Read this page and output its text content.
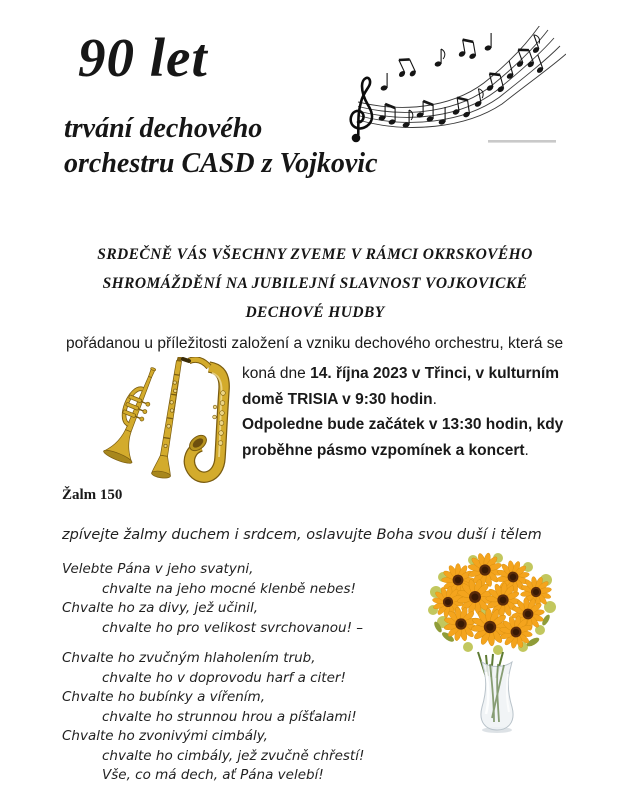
90 let
trvání dechového
orchestru CASD z Vojkovic
SRDEČNĚ VÁS VŠECHNY ZVEME V RÁMCI OKRSKOVÉHO
SHROMÁŽDĚNÍ NA JUBILEJNÍ SLAVNOST VOJKOVICKÉ
DECHOVÉ HUDBY
pořádanou u příležitosti založení a vzniku dechového orchestru, která se
koná dne 14. října 2023 v Třinci, v kulturním
domě TRISIA v 9:30 hodin.
Odpoledne bude začátek v 13:30 hodin, kdy
proběhne pásmo vzpomínek a koncert.
Žalm 150
zpívejte žalmy duchem i srdcem, oslavujte Boha svou duší i tělem
Velebte Pána v jeho svatyni,
chvalte na jeho mocné klenbě nebes!
Chvalte ho za divy, jež učinil,
chvalte ho pro velikost svrchovanou! –
Chvalte ho zvučným hlaholením trub,
chvalte ho v doprovodu harf a citer!
Chvalte ho bubínky a vířením,
chvalte ho strunnou hrou a píšťalami!
Chvalte ho zvonivými cimbály,
chvalte ho cimbály, jež zvučně chřestí!
Vše, co má dech, ať Pána velebí!
